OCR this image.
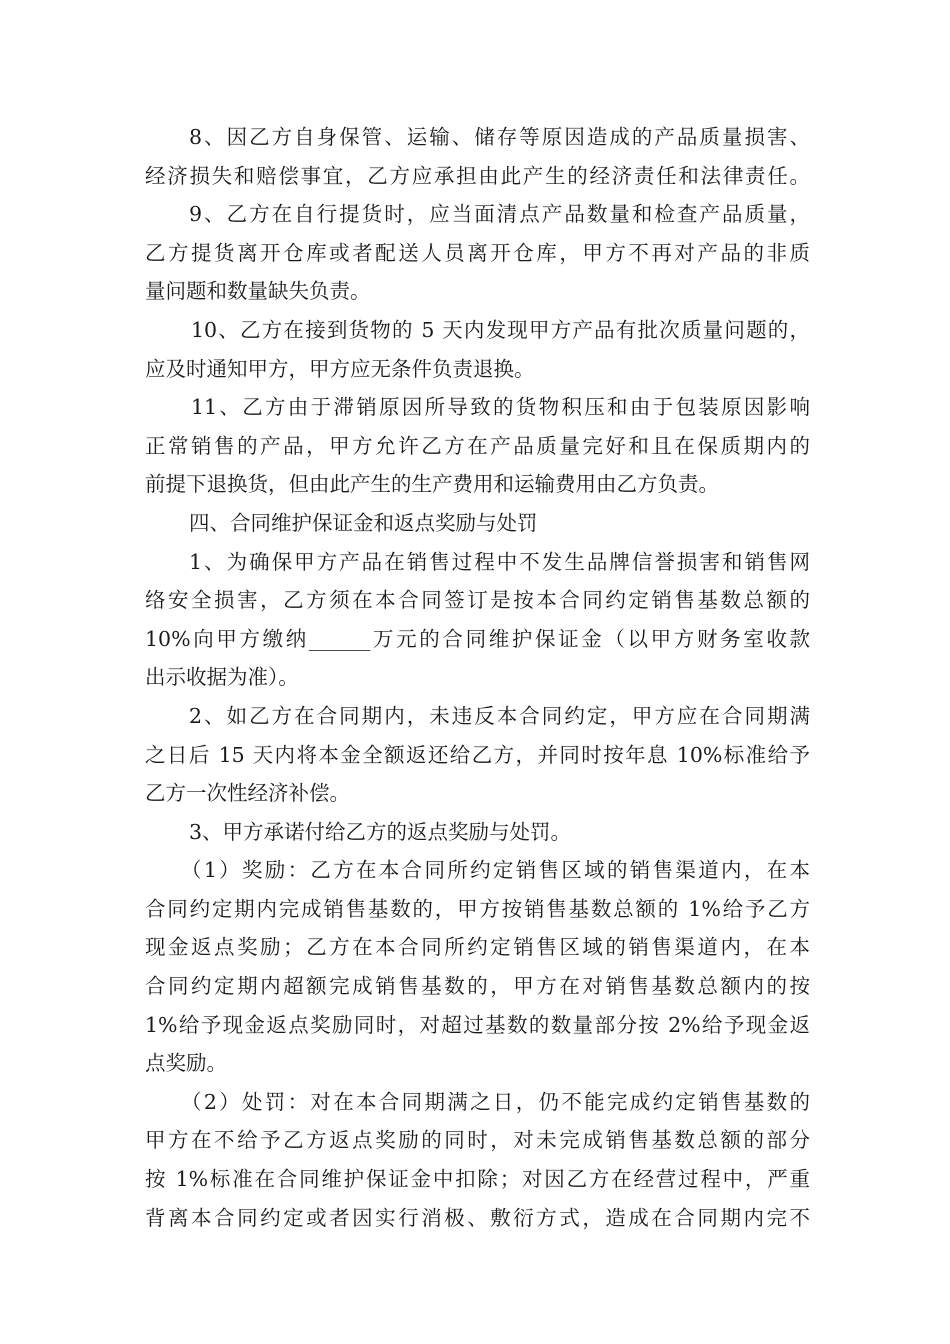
8、因乙方自身保管、运输、储存等原因造成的产品质量损害、
经济损失和赔偿事宜，乙方应承担由此产生的经济责任和法律责任。
9、乙方在自行提货时，应当面清点产品数量和检查产品质量，
乙方提货离开仓库或者配送人员离开仓库，甲方不再对产品的非质
量问题和数量缺失负责。
10、乙方在接到货物的 5 天内发现甲方产品有批次质量问题的，
应及时通知甲方，甲方应无条件负责退换。
11、乙方由于滞销原因所导致的货物积压和由于包装原因影响
正常销售的产品，甲方允许乙方在产品质量完好和且在保质期内的
前提下退换货，但由此产生的生产费用和运输费用由乙方负责。
四、合同维护保证金和返点奖励与处罚
1、为确保甲方产品在销售过程中不发生品牌信誉损害和销售网
络安全损害，乙方须在本合同签订是按本合同约定销售基数总额的
10%向甲方缴纳______万元的合同维护保证金（以甲方财务室收款
出示收据为准）。
2、如乙方在合同期内，未违反本合同约定，甲方应在合同期满
之日后 15 天内将本金全额返还给乙方，并同时按年息 10%标准给予
乙方一次性经济补偿。
3、甲方承诺付给乙方的返点奖励与处罚。
（1）奖励：乙方在本合同所约定销售区域的销售渠道内，在本
合同约定期内完成销售基数的，甲方按销售基数总额的 1%给予乙方
现金返点奖励；乙方在本合同所约定销售区域的销售渠道内，在本
合同约定期内超额完成销售基数的，甲方在对销售基数总额内的按
1%给予现金返点奖励同时，对超过基数的数量部分按 2%给予现金返
点奖励。
（2）处罚：对在本合同期满之日，仍不能完成约定销售基数的
甲方在不给予乙方返点奖励的同时，对未完成销售基数总额的部分
按 1%标准在合同维护保证金中扣除；对因乙方在经营过程中，严重
背离本合同约定或者因实行消极、敷衍方式，造成在合同期内完不
